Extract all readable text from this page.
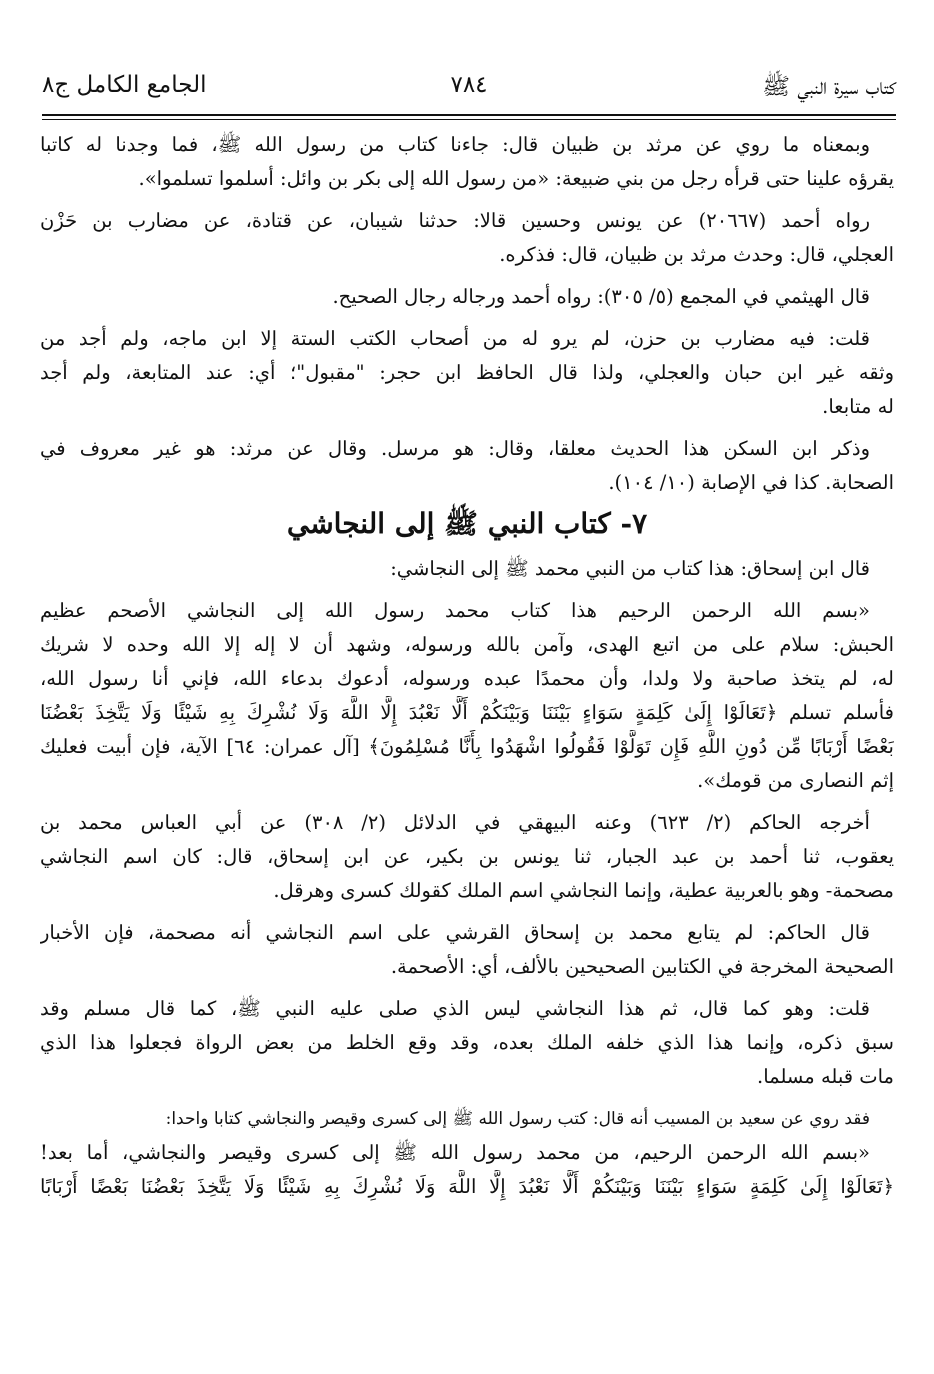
كتاب سيرة النبي ﷺ
٧٨٤
الجامع الكامل ج٨
وبمعناه ما روي عن مرثد بن ظبيان قال: جاءنا كتاب من رسول الله ﷺ، فما وجدنا له كاتبا
يقرؤه علينا حتى قرأه رجل من بني ضبيعة: «من رسول الله إلى بكر بن وائل: أسلموا تسلموا».
رواه أحمد (٢٠٦٦٧) عن يونس وحسين قالا: حدثنا شيبان، عن قتادة، عن مضارب بن حَزْن
العجلي، قال: وحدث مرثد بن ظبيان، قال: فذكره.
قال الهيثمي في المجمع (٥/ ٣٠٥): رواه أحمد ورجاله رجال الصحيح.
قلت: فيه مضارب بن حزن، لم يرو له من أصحاب الكتب الستة إلا ابن ماجه، ولم أجد من
وثقه غير ابن حبان والعجلي، ولذا قال الحافظ ابن حجر: "مقبول"؛ أي: عند المتابعة، ولم أجد
له متابعا.
وذكر ابن السكن هذا الحديث معلقا، وقال: هو مرسل. وقال عن مرثد: هو غير معروف في
الصحابة. كذا في الإصابة (١٠/ ١٠٤).
٧- كتاب النبي ﷺ إلى النجاشي
قال ابن إسحاق: هذا كتاب من النبي محمد ﷺ إلى النجاشي:
«بسم الله الرحمن الرحيم هذا كتاب محمد رسول الله إلى النجاشي الأصحم عظيم
الحبش: سلام على من اتبع الهدى، وآمن بالله ورسوله، وشهد أن لا إله إلا الله وحده لا شريك
له، لم يتخذ صاحبة ولا ولدا، وأن محمدًا عبده ورسوله، أدعوك بدعاء الله، فإني أنا رسول الله،
فأسلم تسلم ﴿تَعَالَوْا إِلَىٰ كَلِمَةٍ سَوَاءٍ بَيْنَنَا وَبَيْنَكُمْ أَلَّا نَعْبُدَ إِلَّا اللَّهَ وَلَا نُشْرِكَ بِهِ شَيْئًا وَلَا يَتَّخِذَ بَعْضُنَا
بَعْضًا أَرْبَابًا مِّن دُونِ اللَّهِ فَإِن تَوَلَّوْا فَقُولُوا اشْهَدُوا بِأَنَّا مُسْلِمُونَ﴾ [آل عمران: ٦٤] الآية، فإن أبيت فعليك
إثم النصارى من قومك».
أخرجه الحاكم (٢/ ٦٢٣) وعنه البيهقي في الدلائل (٢/ ٣٠٨) عن أبي العباس محمد بن
يعقوب، ثنا أحمد بن عبد الجبار، ثنا يونس بن بكير، عن ابن إسحاق، قال: كان اسم النجاشي
مصحمة- وهو بالعربية عطية، وإنما النجاشي اسم الملك كقولك كسرى وهرقل.
قال الحاكم: لم يتابع محمد بن إسحاق القرشي على اسم النجاشي أنه مصحمة، فإن الأخبار
الصحيحة المخرجة في الكتابين الصحيحين بالألف، أي: الأصحمة.
قلت: وهو كما قال، ثم هذا النجاشي ليس الذي صلى عليه النبي ﷺ، كما قال مسلم وقد
سبق ذكره، وإنما هذا الذي خلفه الملك بعده، وقد وقع الخلط من بعض الرواة فجعلوا هذا الذي
مات قبله مسلما.
فقد روي عن سعيد بن المسيب أنه قال: كتب رسول الله ﷺ إلى كسرى وقيصر والنجاشي كتابا واحدا:
«بسم الله الرحمن الرحيم، من محمد رسول الله ﷺ إلى كسرى وقيصر والنجاشي، أما بعد!
﴿تَعَالَوْا إِلَىٰ كَلِمَةٍ سَوَاءٍ بَيْنَنَا وَبَيْنَكُمْ أَلَّا نَعْبُدَ إِلَّا اللَّهَ وَلَا نُشْرِكَ بِهِ شَيْئًا وَلَا يَتَّخِذَ بَعْضُنَا بَعْضًا أَرْبَابًا
